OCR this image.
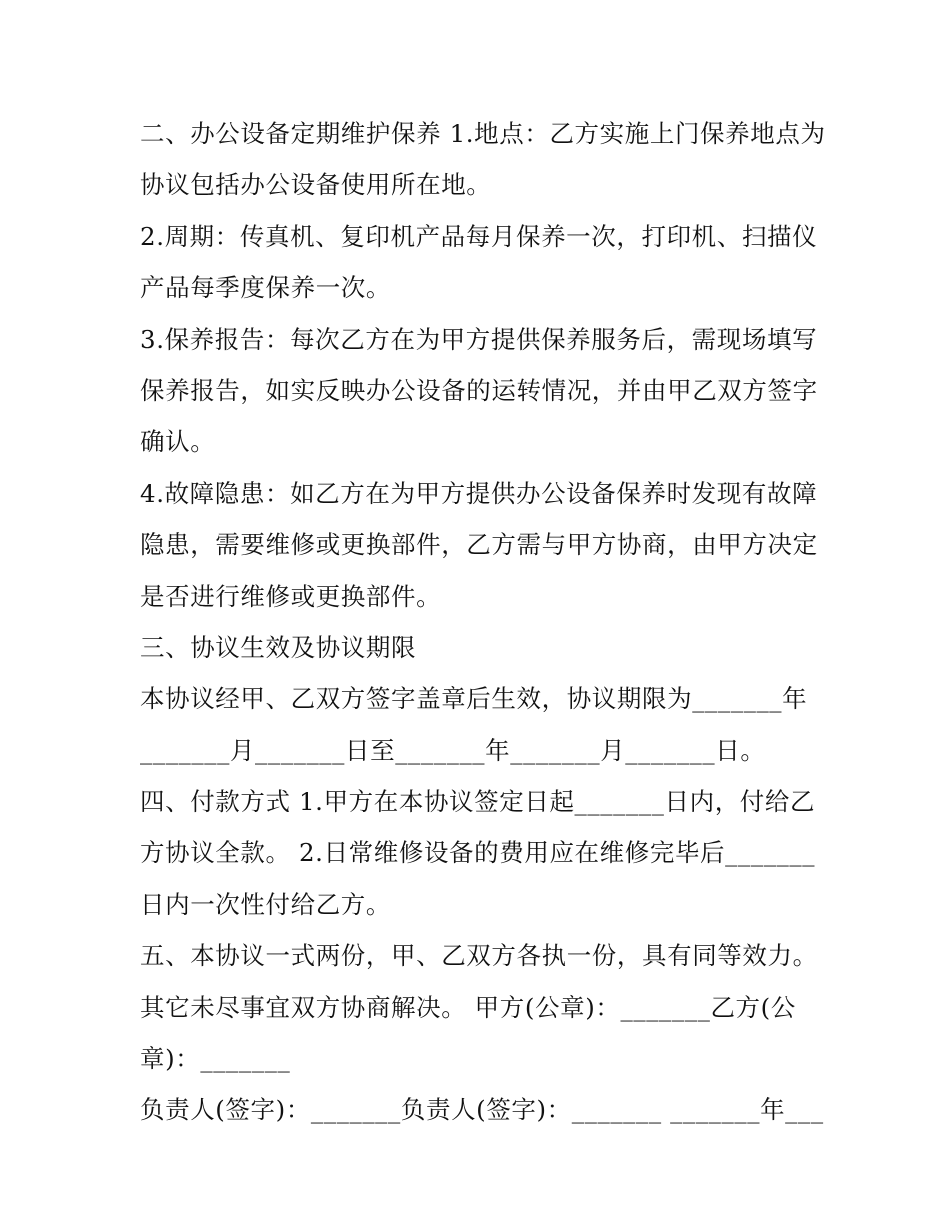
二、办公设备定期维护保养 1.地点：乙方实施上门保养地点为
协议包括办公设备使用所在地。
2.周期：传真机、复印机产品每月保养一次，打印机、扫描仪
产品每季度保养一次。
3.保养报告：每次乙方在为甲方提供保养服务后，需现场填写
保养报告，如实反映办公设备的运转情况，并由甲乙双方签字
确认。
4.故障隐患：如乙方在为甲方提供办公设备保养时发现有故障
隐患，需要维修或更换部件，乙方需与甲方协商，由甲方决定
是否进行维修或更换部件。
三、协议生效及协议期限
本协议经甲、乙双方签字盖章后生效，协议期限为_______年
_______月_______日至_______年_______月_______日。
四、付款方式 1.甲方在本协议签定日起_______日内，付给乙
方协议全款。 2.日常维修设备的费用应在维修完毕后_______
日内一次性付给乙方。
五、本协议一式两份，甲、乙双方各执一份，具有同等效力。
其它未尽事宜双方协商解决。 甲方(公章)：_______乙方(公
章)：_______
负责人(签字)：_______负责人(签字)：_______ _______年___
